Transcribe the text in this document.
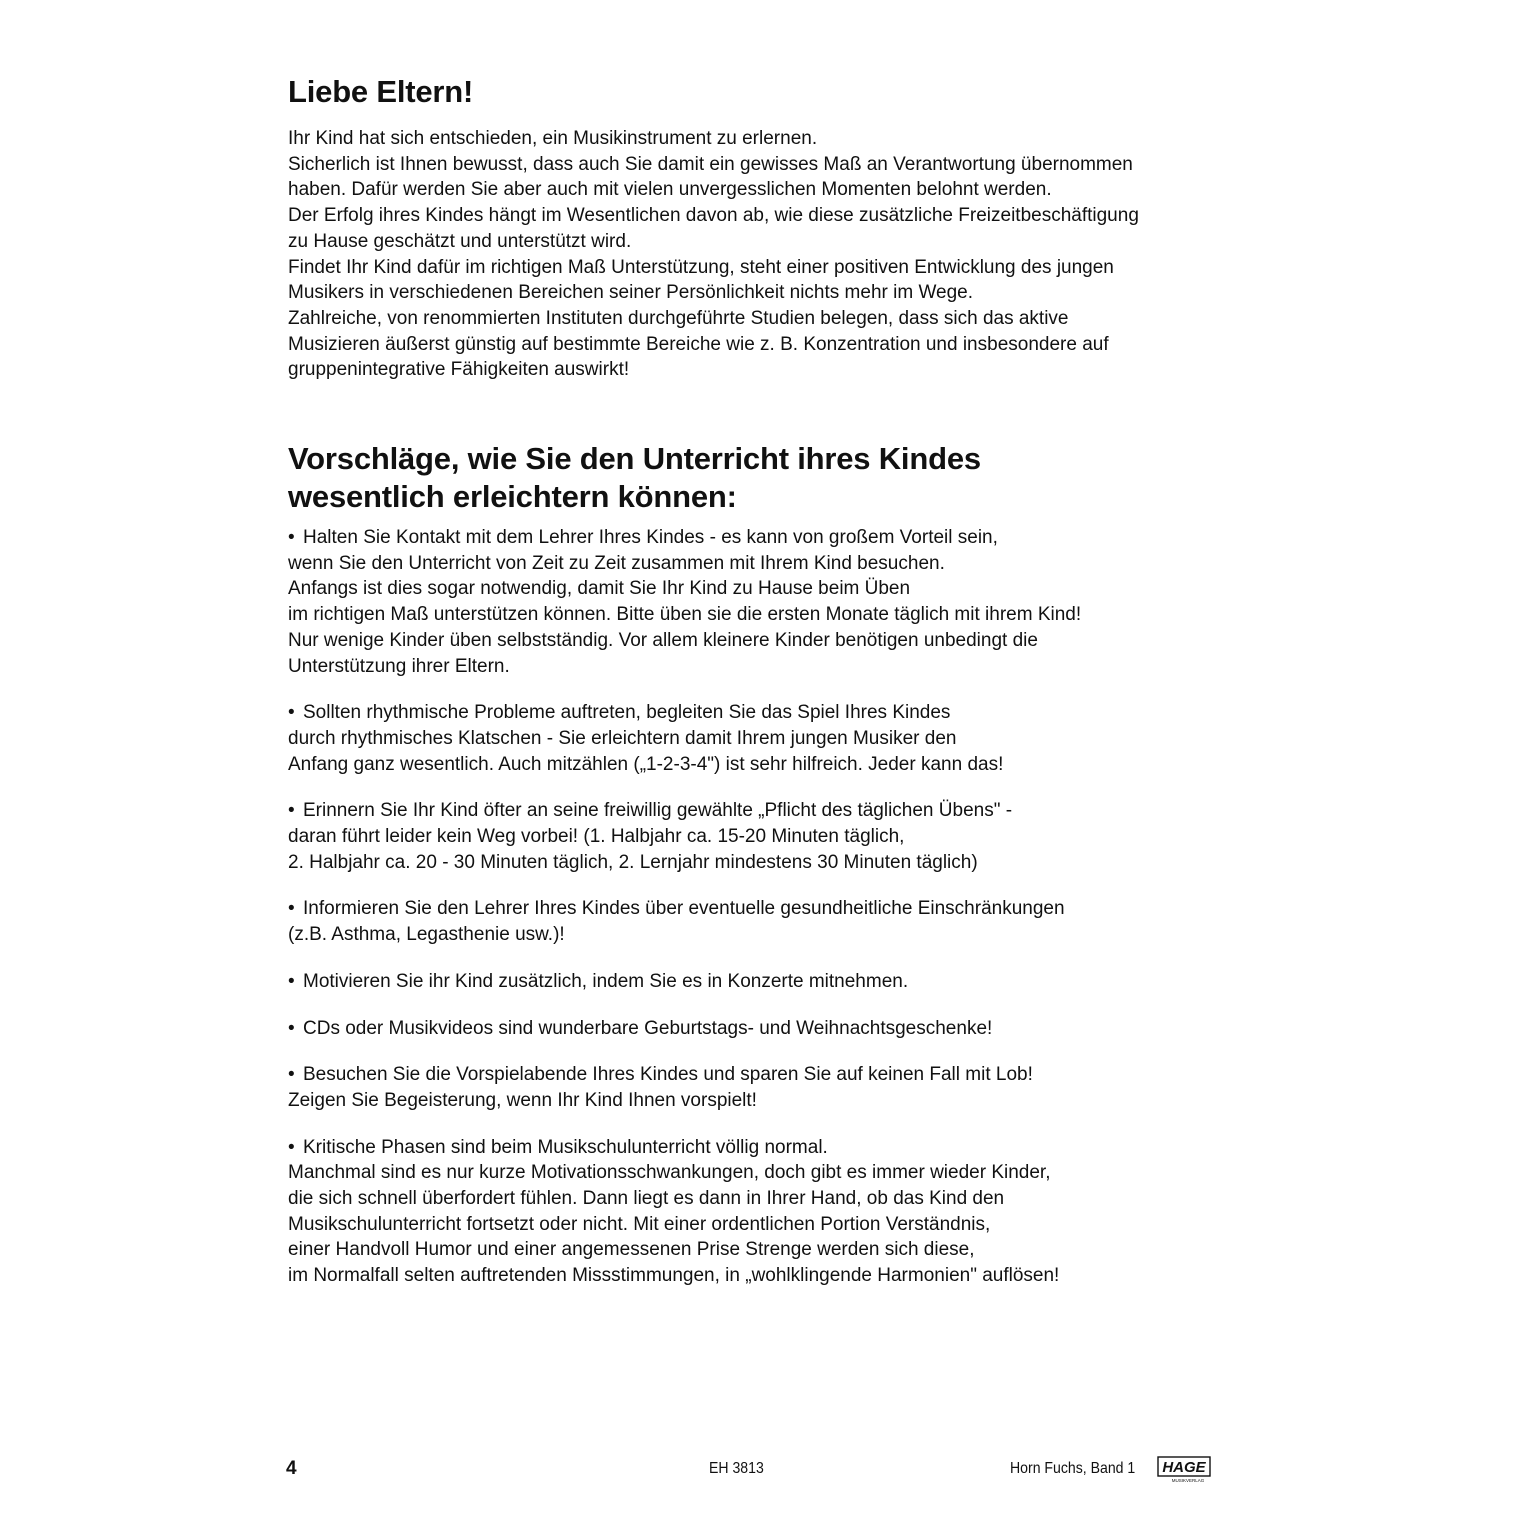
Liebe Eltern!
Ihr Kind hat sich entschieden, ein Musikinstrument zu erlernen.
Sicherlich ist Ihnen bewusst, dass auch Sie damit ein gewisses Maß an Verantwortung übernommen
haben. Dafür werden Sie aber auch mit vielen unvergesslichen Momenten belohnt werden.
Der Erfolg ihres Kindes hängt im Wesentlichen davon ab, wie diese zusätzliche Freizeitbeschäftigung
zu Hause geschätzt und unterstützt wird.
Findet Ihr Kind dafür im richtigen Maß Unterstützung, steht einer positiven Entwicklung des jungen
Musikers in verschiedenen Bereichen seiner Persönlichkeit nichts mehr im Wege.
Zahlreiche, von renommierten Instituten durchgeführte Studien belegen, dass sich das aktive
Musizieren äußerst günstig auf bestimmte Bereiche wie z. B. Konzentration und insbesondere auf
gruppenintegrative Fähigkeiten auswirkt!
Vorschläge, wie Sie den Unterricht ihres Kindes
wesentlich erleichtern können:
• Halten Sie Kontakt mit dem Lehrer Ihres Kindes - es kann von großem Vorteil sein,
wenn Sie den Unterricht von Zeit zu Zeit zusammen mit Ihrem Kind besuchen.
Anfangs ist dies sogar notwendig, damit Sie Ihr Kind zu Hause beim Üben
im richtigen Maß unterstützen können. Bitte üben sie die ersten Monate täglich mit ihrem Kind!
Nur wenige Kinder üben selbstständig. Vor allem kleinere Kinder benötigen unbedingt die
Unterstützung ihrer Eltern.
• Sollten rhythmische Probleme auftreten, begleiten Sie das Spiel Ihres Kindes
durch rhythmisches Klatschen - Sie erleichtern damit Ihrem jungen Musiker den
Anfang ganz wesentlich. Auch mitzählen („1-2-3-4") ist sehr hilfreich. Jeder kann das!
• Erinnern Sie Ihr Kind öfter an seine freiwillig gewählte „Pflicht des täglichen Übens" -
daran führt leider kein Weg vorbei! (1. Halbjahr ca. 15-20 Minuten täglich,
2. Halbjahr ca. 20 - 30 Minuten täglich, 2. Lernjahr mindestens 30 Minuten täglich)
• Informieren Sie den Lehrer Ihres Kindes über eventuelle gesundheitliche Einschränkungen
(z.B. Asthma, Legasthenie usw.)!
• Motivieren Sie ihr Kind zusätzlich, indem Sie es in Konzerte mitnehmen.
• CDs oder Musikvideos sind wunderbare Geburtstags- und Weihnachtsgeschenke!
• Besuchen Sie die Vorspielabende Ihres Kindes und sparen Sie auf keinen Fall mit Lob!
Zeigen Sie Begeisterung, wenn Ihr Kind Ihnen vorspielt!
• Kritische Phasen sind beim Musikschulunterricht völlig normal.
Manchmal sind es nur kurze Motivationsschwankungen, doch gibt es immer wieder Kinder,
die sich schnell überfordert fühlen. Dann liegt es dann in Ihrer Hand, ob das Kind den
Musikschulunterricht fortsetzt oder nicht. Mit einer ordentlichen Portion Verständnis,
einer Handvoll Humor und einer angemessenen Prise Strenge werden sich diese,
im Normalfall selten auftretenden Missstimmungen, in „wohlklingende Harmonien" auflösen!
4	EH 3813	Horn Fuchs, Band 1 HAGE
MUSIKVERLAG
